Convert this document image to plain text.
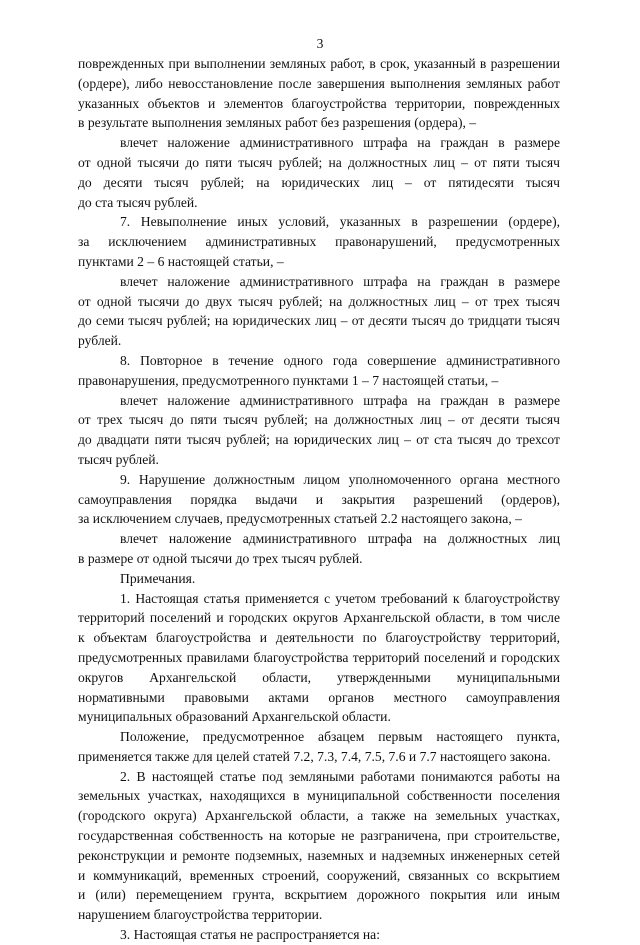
3
поврежденных при выполнении земляных работ, в срок, указанный в разрешении
(ордере), либо невосстановление после завершения выполнения земляных работ
указанных объектов и элементов благоустройства территории, поврежденных
в результате выполнения земляных работ без разрешения (ордера), –
влечет наложение административного штрафа на граждан в размере
от одной тысячи до пяти тысяч рублей; на должностных лиц – от пяти тысяч
до десяти тысяч рублей; на юридических лиц – от пятидесяти тысяч
до ста тысяч рублей.
7. Невыполнение иных условий, указанных в разрешении (ордере),
за исключением административных правонарушений, предусмотренных
пунктами 2 – 6 настоящей статьи, –
влечет наложение административного штрафа на граждан в размере
от одной тысячи до двух тысяч рублей; на должностных лиц – от трех тысяч
до семи тысяч рублей; на юридических лиц – от десяти тысяч до тридцати тысяч
рублей.
8. Повторное в течение одного года совершение административного
правонарушения, предусмотренного пунктами 1 – 7 настоящей статьи, –
влечет наложение административного штрафа на граждан в размере
от трех тысяч до пяти тысяч рублей; на должностных лиц – от десяти тысяч
до двадцати пяти тысяч рублей; на юридических лиц – от ста тысяч до трехсот
тысяч рублей.
9. Нарушение должностным лицом уполномоченного органа местного
самоуправления порядка выдачи и закрытия разрешений (ордеров),
за исключением случаев, предусмотренных статьей 2.2 настоящего закона, –
влечет наложение административного штрафа на должностных лиц
в размере от одной тысячи до трех тысяч рублей.
Примечания.
1. Настоящая статья применяется с учетом требований к благоустройству
территорий поселений и городских округов Архангельской области, в том числе
к объектам благоустройства и деятельности по благоустройству территорий,
предусмотренных правилами благоустройства территорий поселений и городских
округов Архангельской области, утвержденными муниципальными
нормативными правовыми актами органов местного самоуправления
муниципальных образований Архангельской области.
Положение, предусмотренное абзацем первым настоящего пункта,
применяется также для целей статей 7.2, 7.3, 7.4, 7.5, 7.6 и 7.7 настоящего закона.
2. В настоящей статье под земляными работами понимаются работы на
земельных участках, находящихся в муниципальной собственности поселения
(городского округа) Архангельской области, а также на земельных участках,
государственная собственность на которые не разграничена, при строительстве,
реконструкции и ремонте подземных, наземных и надземных инженерных сетей
и коммуникаций, временных строений, сооружений, связанных со вскрытием
и (или) перемещением грунта, вскрытием дорожного покрытия или иным
нарушением благоустройства территории.
3. Настоящая статья не распространяется на:
